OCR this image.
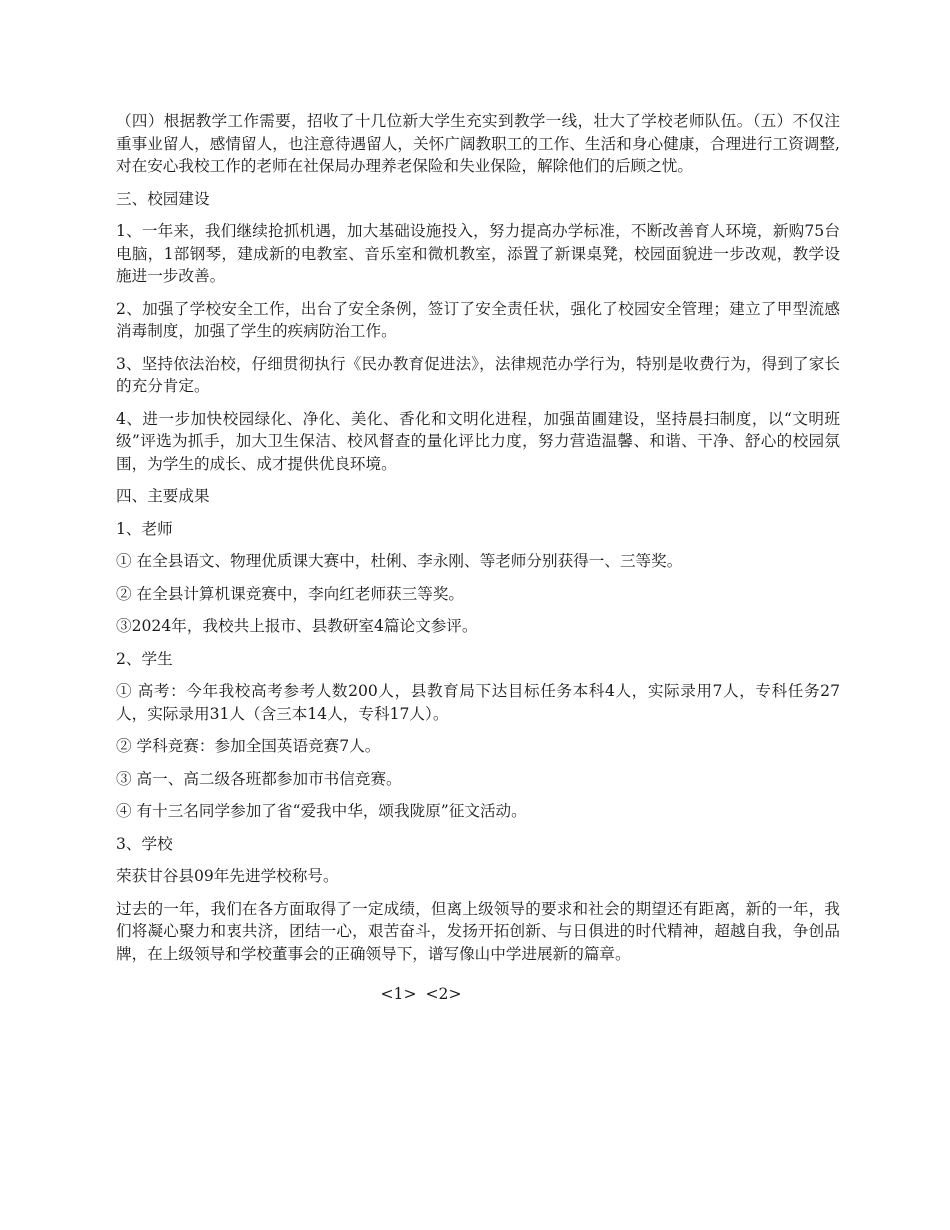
（四）根据教学工作需要，招收了十几位新大学生充实到教学一线，壮大了学校老师队伍。（五）不仅注重事业留人，感情留人，也注意待遇留人，关怀广阔教职工的工作、生活和身心健康，合理进行工资调整,对在安心我校工作的老师在社保局办理养老保险和失业保险，解除他们的后顾之忧。

三、校园建设

1、一年来，我们继续抢抓机遇，加大基础设施投入，努力提高办学标准，不断改善育人环境，新购75台电脑，1部钢琴，建成新的电教室、音乐室和微机教室，添置了新课桌凳，校园面貌进一步改观，教学设施进一步改善。

2、加强了学校安全工作，出台了安全条例，签订了安全责任状，强化了校园安全管理；建立了甲型流感消毒制度，加强了学生的疾病防治工作。

3、坚持依法治校，仔细贯彻执行《民办教育促进法》，法律规范办学行为，特别是收费行为，得到了家长的充分肯定。

4、进一步加快校园绿化、净化、美化、香化和文明化进程，加强苗圃建设，坚持晨扫制度，以“文明班级”评选为抓手，加大卫生保洁、校风督查的量化评比力度，努力营造温馨、和谐、干净、舒心的校园氛围，为学生的成长、成才提供优良环境。

四、主要成果

1、老师

① 在全县语文、物理优质课大赛中，杜俐、李永刚、等老师分别获得一、三等奖。

② 在全县计算机课竞赛中，李向红老师获三等奖。

③2024年，我校共上报市、县教研室4篇论文参评。

2、学生

① 高考：今年我校高考参考人数200人，县教育局下达目标任务本科4人，实际录用7人，专科任务27人，实际录用31人（含三本14人，专科17人）。

② 学科竞赛：参加全国英语竞赛7人。

③ 高一、高二级各班都参加市书信竞赛。

④ 有十三名同学参加了省“爱我中华，颂我陇原”征文活动。

3、学校

荣获甘谷县09年先进学校称号。

过去的一年，我们在各方面取得了一定成绩，但离上级领导的要求和社会的期望还有距离，新的一年，我们将凝心聚力和衷共济，团结一心，艰苦奋斗，发扬开拓创新、与日俱进的时代精神，超越自我，争创品牌，在上级领导和学校董事会的正确领导下，谱写像山中学进展新的篇章。

<1> <2>
